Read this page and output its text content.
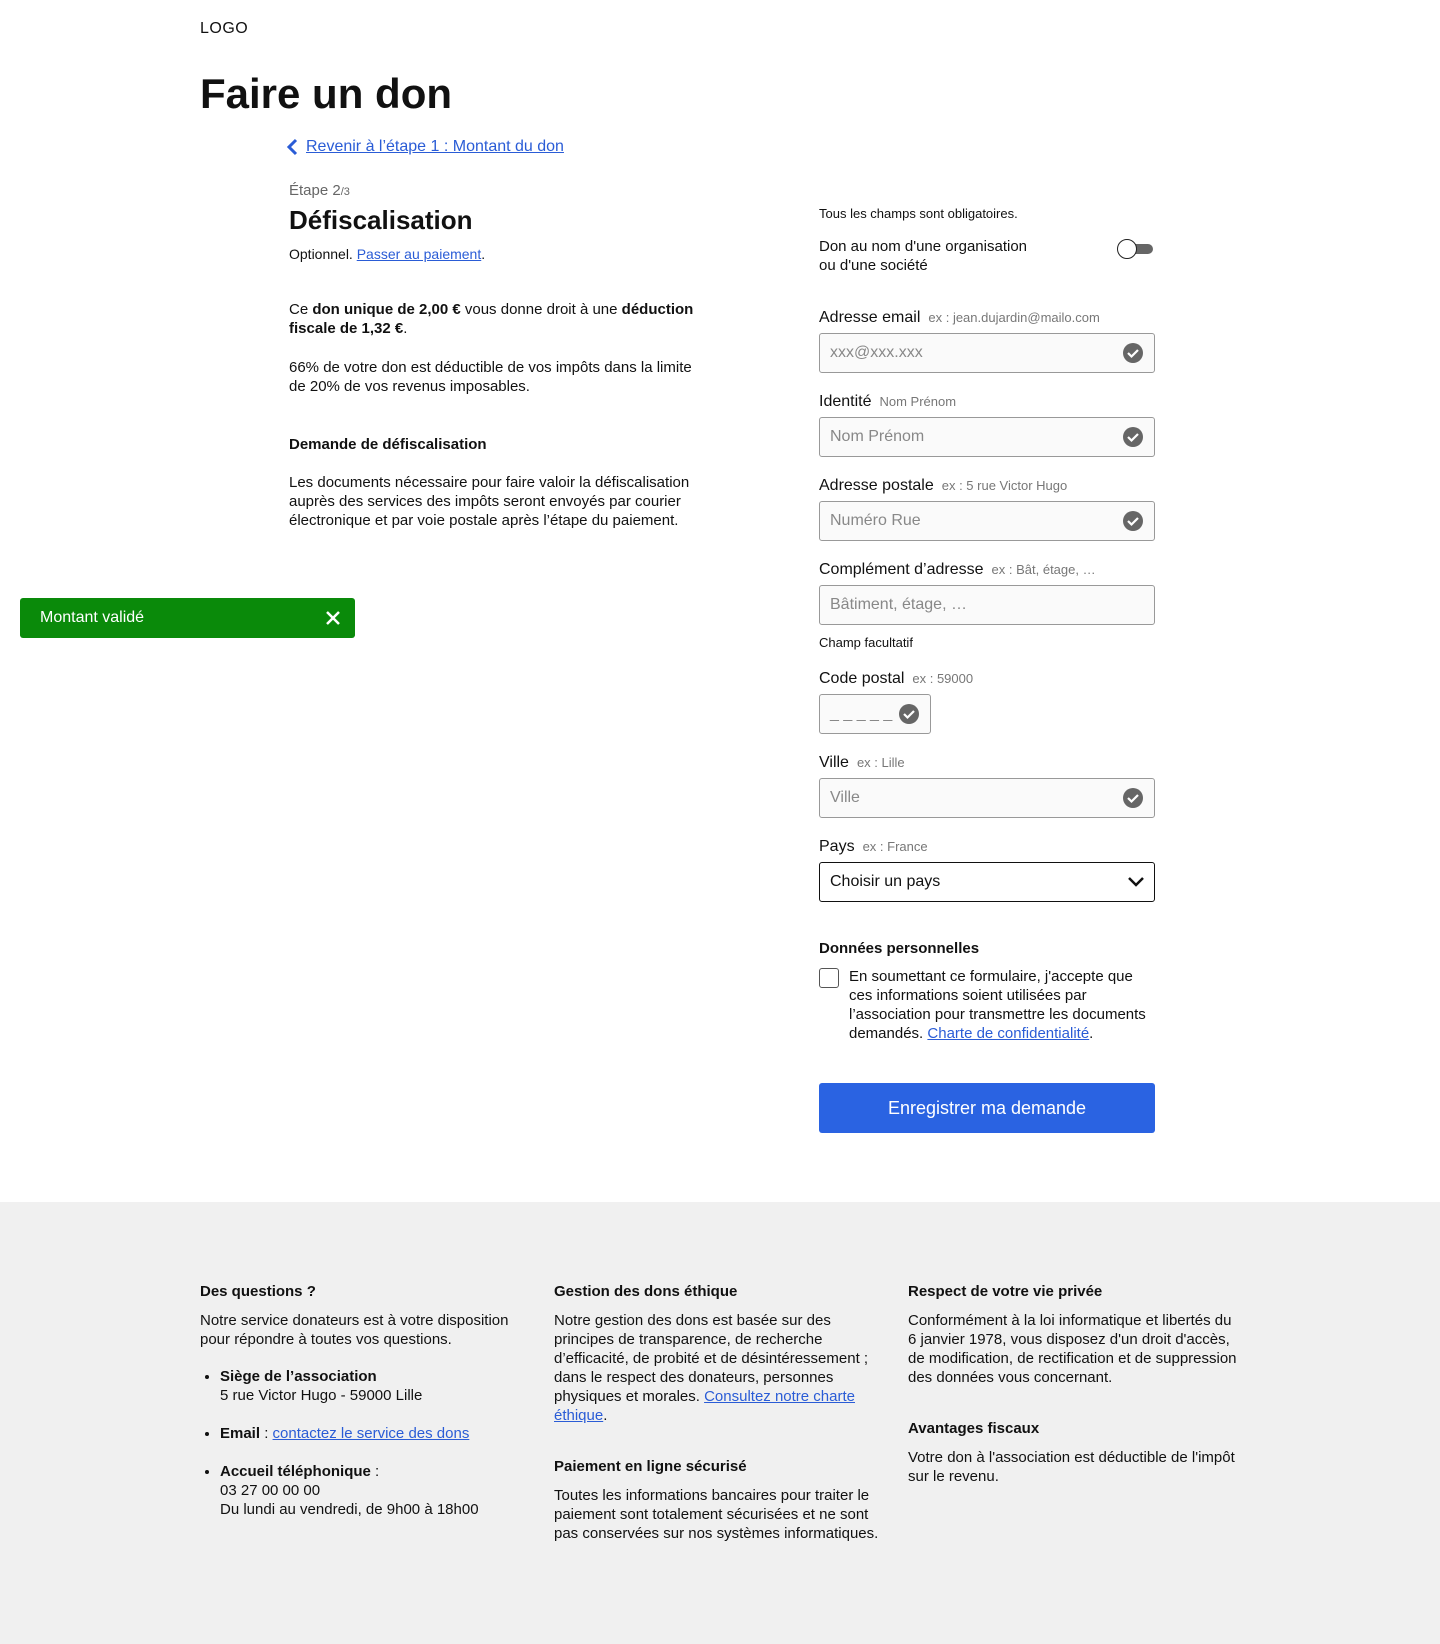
LOGO
Faire un don
Revenir à l’étape 1 : Montant du don
Étape 2/3
Défiscalisation
Optionnel. Passer au paiement.

Ce don unique de 2,00 € vous donne droit à une déduction fiscale de 1,32 €.

66% de votre don est déductible de vos impôts dans la limite de 20% de vos revenus imposables.

Demande de défiscalisation

Les documents nécessaire pour faire valoir la défiscalisation auprès des services des impôts seront envoyés par courier électronique et par voie postale après l’étape du paiement.

Montant validé
Tous les champs sont obligatoires.
Don au nom d'une organisation
ou d'une société
Adresse email ex : jean.dujardin@mailo.com
xxx@xxx.xxx
Identité Nom Prénom
Nom Prénom
Adresse postale ex : 5 rue Victor Hugo
Numéro Rue
Complément d’adresse ex : Bât, étage, …
Bâtiment, étage, …
Champ facultatif
Code postal ex : 59000
_ _ _ _ _
Ville ex : Lille
Ville
Pays ex : France
Choisir un pays
Données personnelles

En soumettant ce formulaire, j'accepte que ces informations soient utilisées par l’association pour transmettre les documents demandés. Charte de confidentialité.

Enregistrer ma demande
Des questions ?

Notre service donateurs est à votre disposition pour répondre à toutes vos questions.

• Siège de l’association
5 rue Victor Hugo - 59000 Lille
• Email : contactez le service des dons
• Accueil téléphonique :
03 27 00 00 00
Du lundi au vendredi, de 9h00 à 18h00
Gestion des dons éthique

Notre gestion des dons est basée sur des principes de transparence, de recherche d’efficacité, de probité et de désintéressement ; dans le respect des donateurs, personnes physiques et morales. Consultez notre charte éthique.

Paiement en ligne sécurisé

Toutes les informations bancaires pour traiter le paiement sont totalement sécurisées et ne sont pas conservées sur nos systèmes informatiques.

Respect de votre vie privée

Conformément à la loi informatique et libertés du 6 janvier 1978, vous disposez d'un droit d'accès, de modification, de rectification et de suppression des données vous concernant.

Avantages fiscaux

Votre don à l'association est déductible de l'impôt sur le revenu.
